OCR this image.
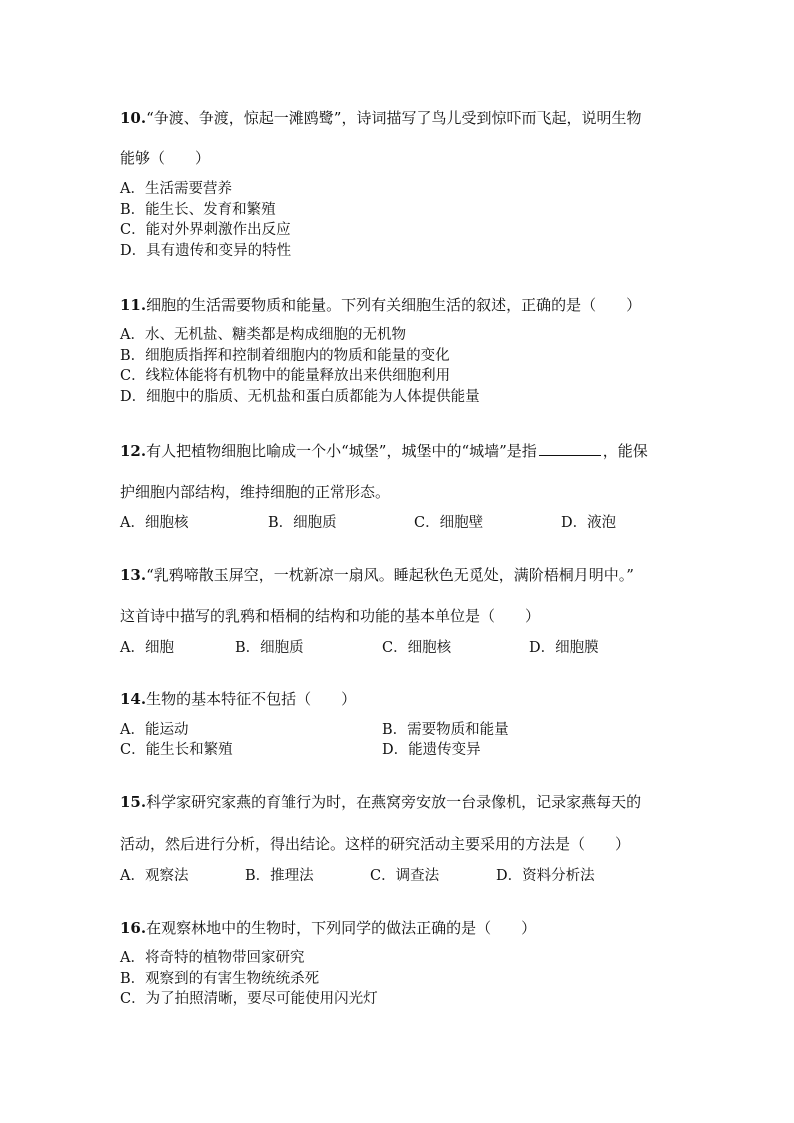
10.“争渡、争渡，惊起一滩鸥鹭”，诗词描写了鸟儿受到惊吓而飞起，说明生物
能够（　　）
A．生活需要营养
B．能生长、发育和繁殖
C．能对外界刺激作出反应
D．具有遗传和变异的特性
11.细胞的生活需要物质和能量。下列有关细胞生活的叙述，正确的是（　　）
A．水、无机盐、糖类都是构成细胞的无机物
B．细胞质指挥和控制着细胞内的物质和能量的变化
C．线粒体能将有机物中的能量释放出来供细胞利用
D．细胞中的脂质、无机盐和蛋白质都能为人体提供能量
12.有人把植物细胞比喻成一个小“城堡”，城堡中的“城墙”是指	，能保
护细胞内部结构，维持细胞的正常形态。
A．细胞核	B．细胞质	C．细胞壁	D．液泡
13.“乳鸦啼散玉屏空，一枕新凉一扇风。睡起秋色无觅处，满阶梧桐月明中。”
这首诗中描写的乳鸦和梧桐的结构和功能的基本单位是（　　）
A．细胞	B．细胞质	C．细胞核	D．细胞膜
14.生物的基本特征不包括（　　）
A．能运动	B．需要物质和能量
C．能生长和繁殖	D．能遗传变异
15.科学家研究家燕的育雏行为时，在燕窝旁安放一台录像机，记录家燕每天的
活动，然后进行分析，得出结论。这样的研究活动主要采用的方法是（　　）
A．观察法	B．推理法	C．调查法	D．资料分析法
16.在观察林地中的生物时，下列同学的做法正确的是（　　）
A．将奇特的植物带回家研究
B．观察到的有害生物统统杀死
C．为了拍照清晰，要尽可能使用闪光灯
